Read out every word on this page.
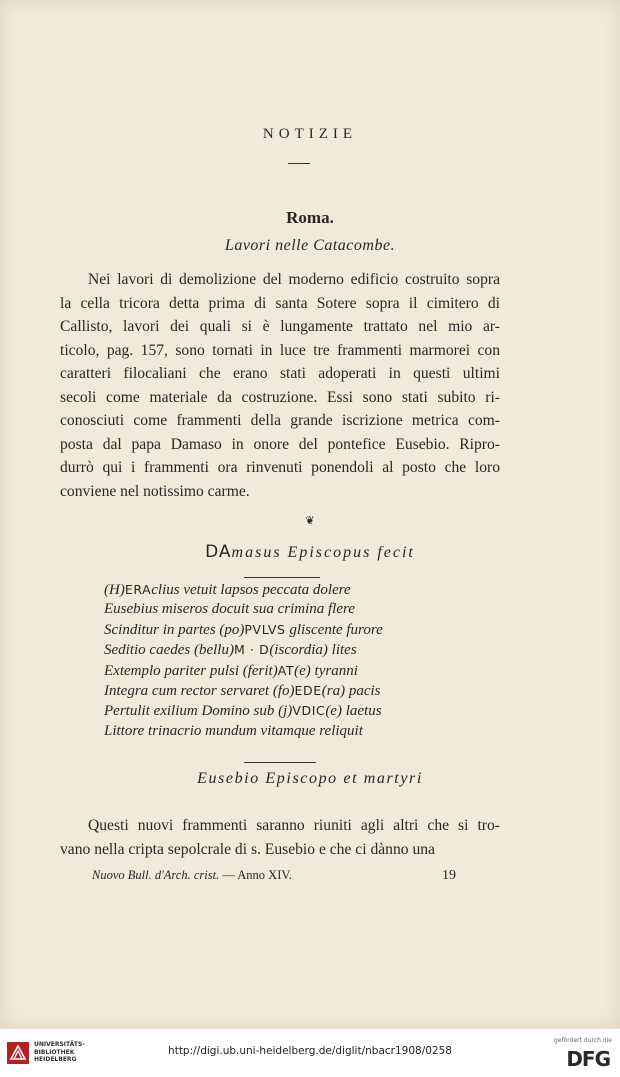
NOTIZIE
Roma.
Lavori nelle Catacombe.
Nei lavori di demolizione del moderno edificio costruito sopra
la cella tricora detta prima di santa Sotere sopra il cimitero di
Callisto, lavori dei quali si è lungamente trattato nel mio ar-
ticolo, pag. 157, sono tornati in luce tre frammenti marmorei con
caratteri filocaliani che erano stati adoperati in questi ultimi
secoli come materiale da costruzione. Essi sono stati subito ri-
conosciuti come frammenti della grande iscrizione metrica com-
posta dal papa Damaso in onore del pontefice Eusebio. Ripro-
durrò qui i frammenti ora rinvenuti ponendoli al posto che loro
conviene nel notissimo carme.
❦
DAmasus Episcopus fecit
(H)ERAclius vetuit lapsos peccata dolere
Eusebius miseros docuit sua crimina flere
Scinditur in partes (po)PVLVS gliscente furore
Seditio caedes (bellu)M · D(iscordia) lites
Extemplo pariter pulsi (ferit)AT(e) tyranni
Integra cum rector servaret (fo)EDE(ra) pacis
Pertulit exilium Domino sub (j)VDIC(e) laetus
Littore trinacrio mundum vitamque reliquit
Eusebio Episcopo et martyri
Questi nuovi frammenti saranno riuniti agli altri che si tro-
vano nella cripta sepolcrale di s. Eusebio e che ci dànno una
Nuovo Bull. d'Arch. crist. — Anno XIV.	19
UNIVERSITÄTS-
BIBLIOTHEK
HEIDELBERG
http://digi.ub.uni-heidelberg.de/diglit/nbacr1908/0258
gefördert durch die
DFG
